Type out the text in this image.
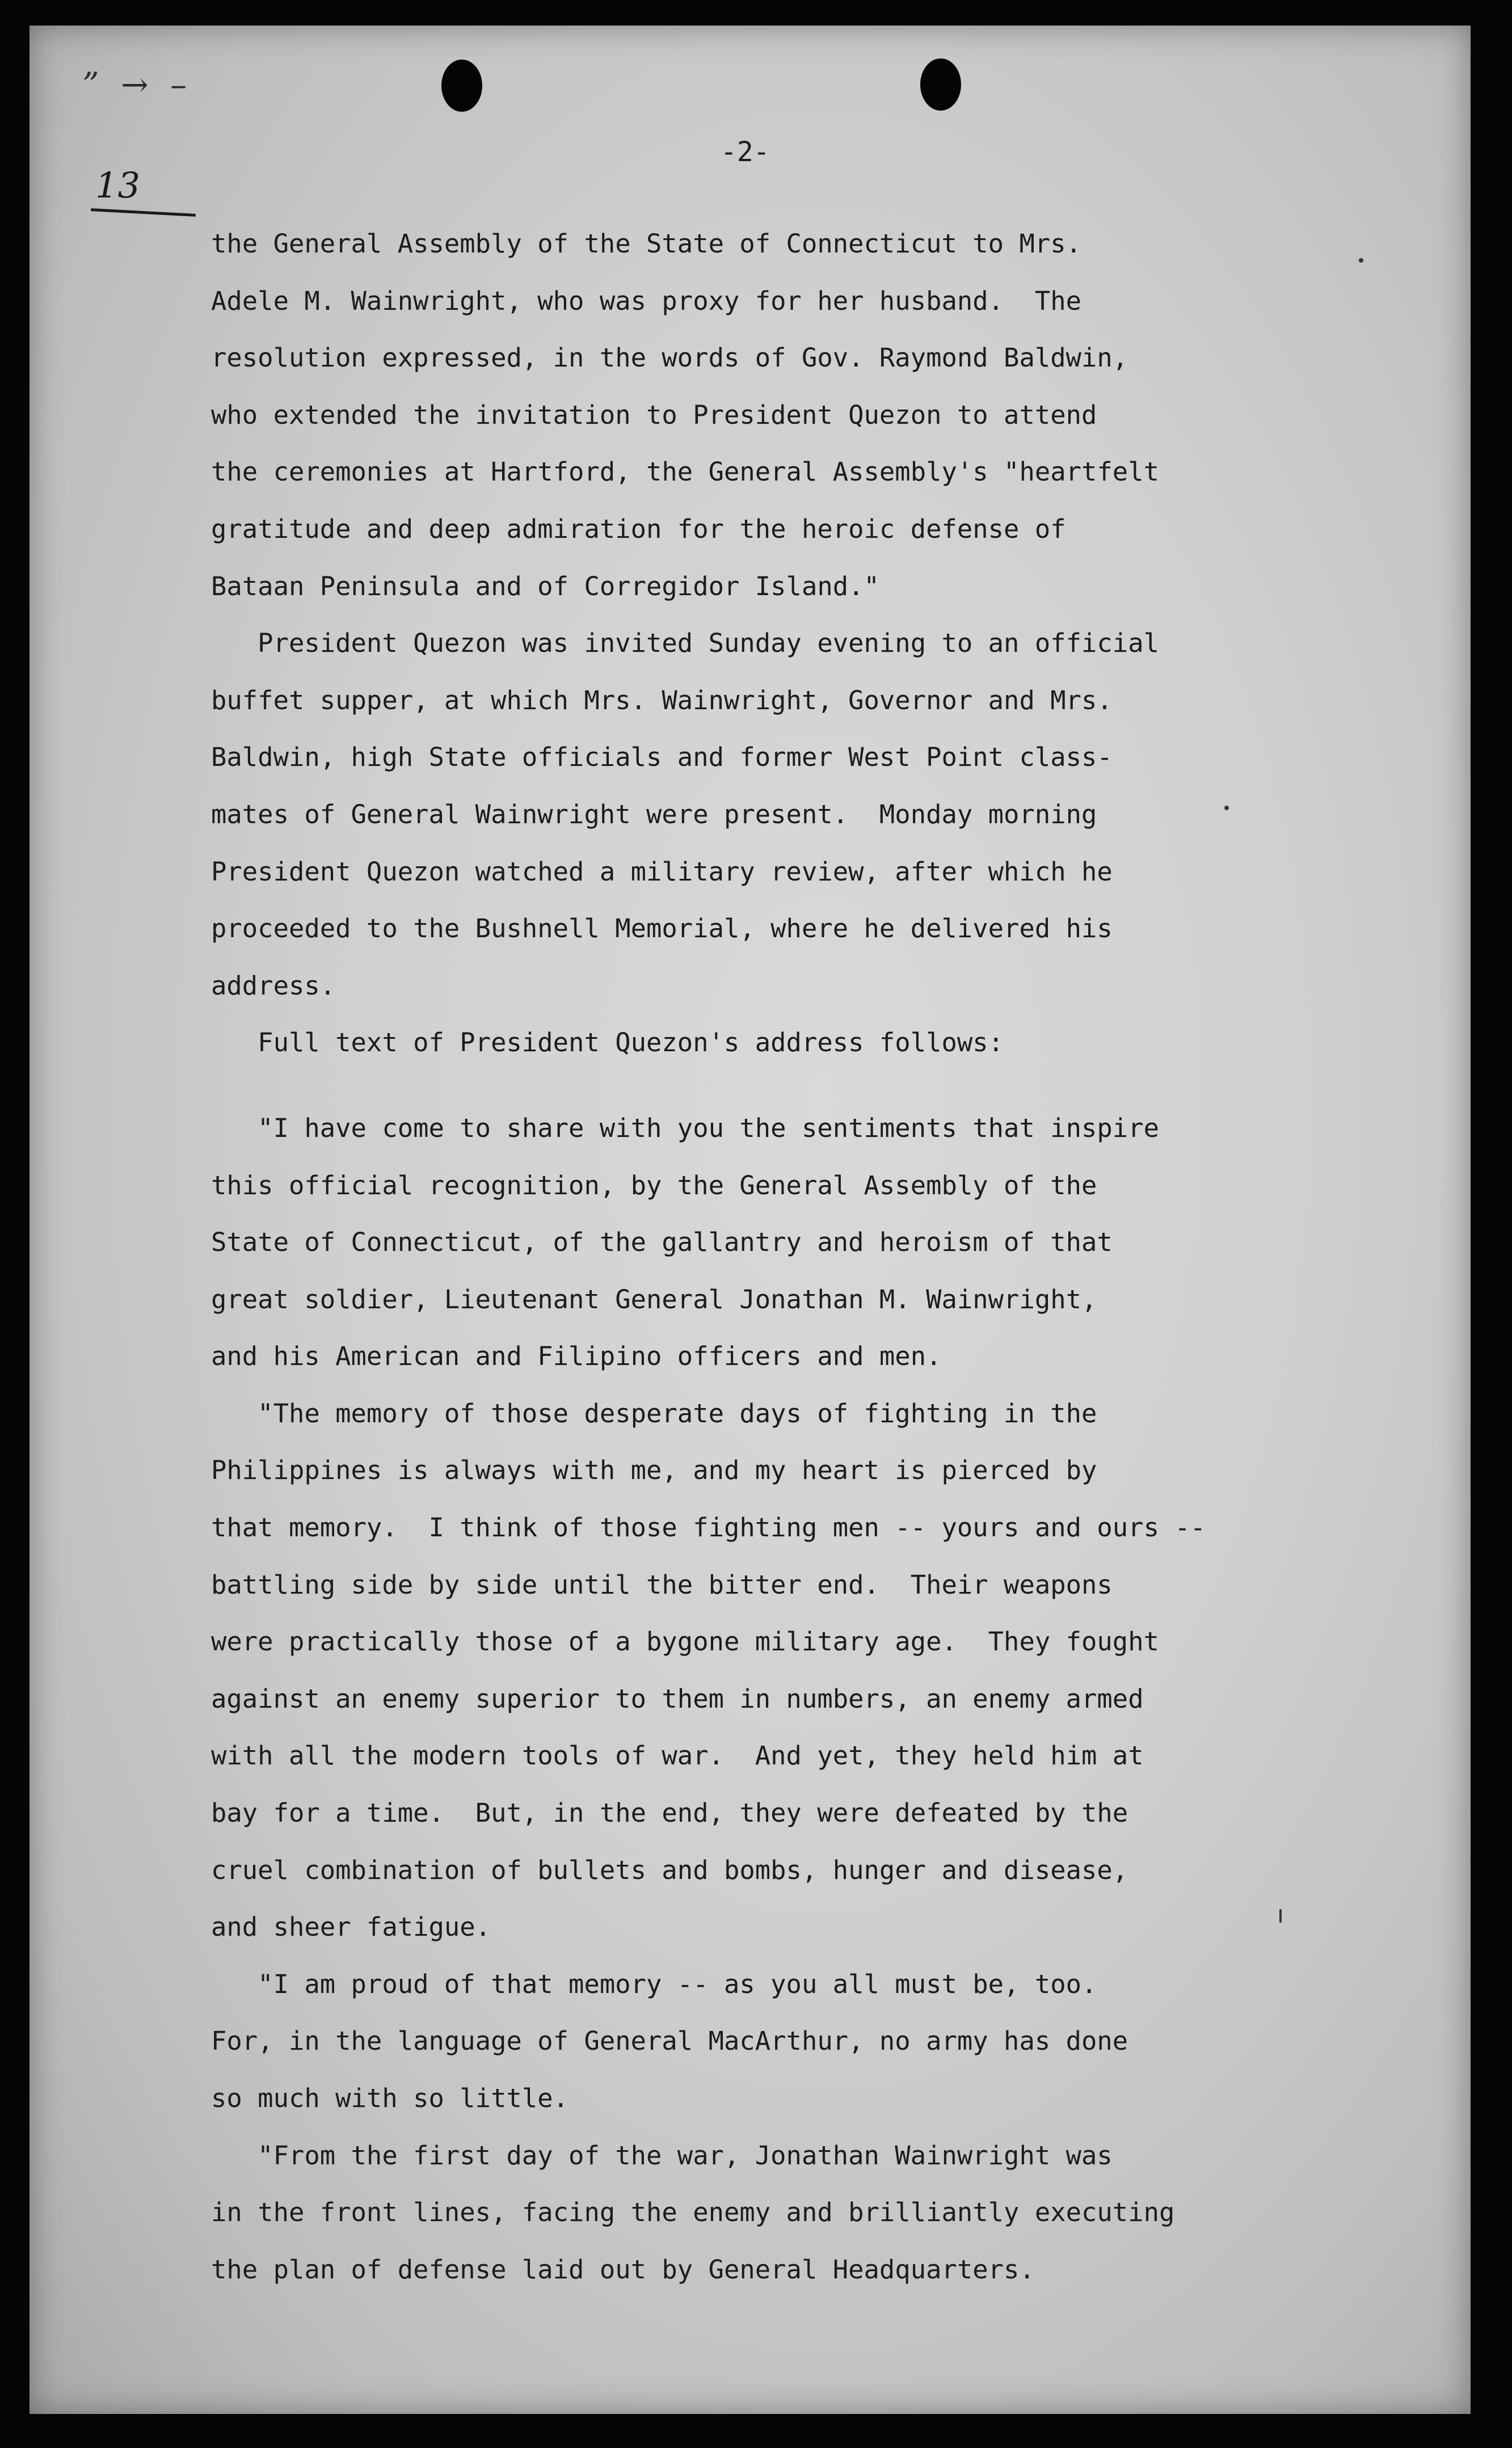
” → –
13
-2-
the General Assembly of the State of Connecticut to Mrs.
Adele M. Wainwright, who was proxy for her husband.  The
resolution expressed, in the words of Gov. Raymond Baldwin,
who extended the invitation to President Quezon to attend
the ceremonies at Hartford, the General Assembly's "heartfelt
gratitude and deep admiration for the heroic defense of
Bataan Peninsula and of Corregidor Island."
President Quezon was invited Sunday evening to an official
buffet supper, at which Mrs. Wainwright, Governor and Mrs.
Baldwin, high State officials and former West Point class-
mates of General Wainwright were present.  Monday morning
President Quezon watched a military review, after which he
proceeded to the Bushnell Memorial, where he delivered his
address.
Full text of President Quezon's address follows:
"I have come to share with you the sentiments that inspire
this official recognition, by the General Assembly of the
State of Connecticut, of the gallantry and heroism of that
great soldier, Lieutenant General Jonathan M. Wainwright,
and his American and Filipino officers and men.
"The memory of those desperate days of fighting in the
Philippines is always with me, and my heart is pierced by
that memory.  I think of those fighting men -- yours and ours --
battling side by side until the bitter end.  Their weapons
were practically those of a bygone military age.  They fought
against an enemy superior to them in numbers, an enemy armed
with all the modern tools of war.  And yet, they held him at
bay for a time.  But, in the end, they were defeated by the
cruel combination of bullets and bombs, hunger and disease,
and sheer fatigue.
"I am proud of that memory -- as you all must be, too.
For, in the language of General MacArthur, no army has done
so much with so little.
"From the first day of the war, Jonathan Wainwright was
in the front lines, facing the enemy and brilliantly executing
the plan of defense laid out by General Headquarters.
